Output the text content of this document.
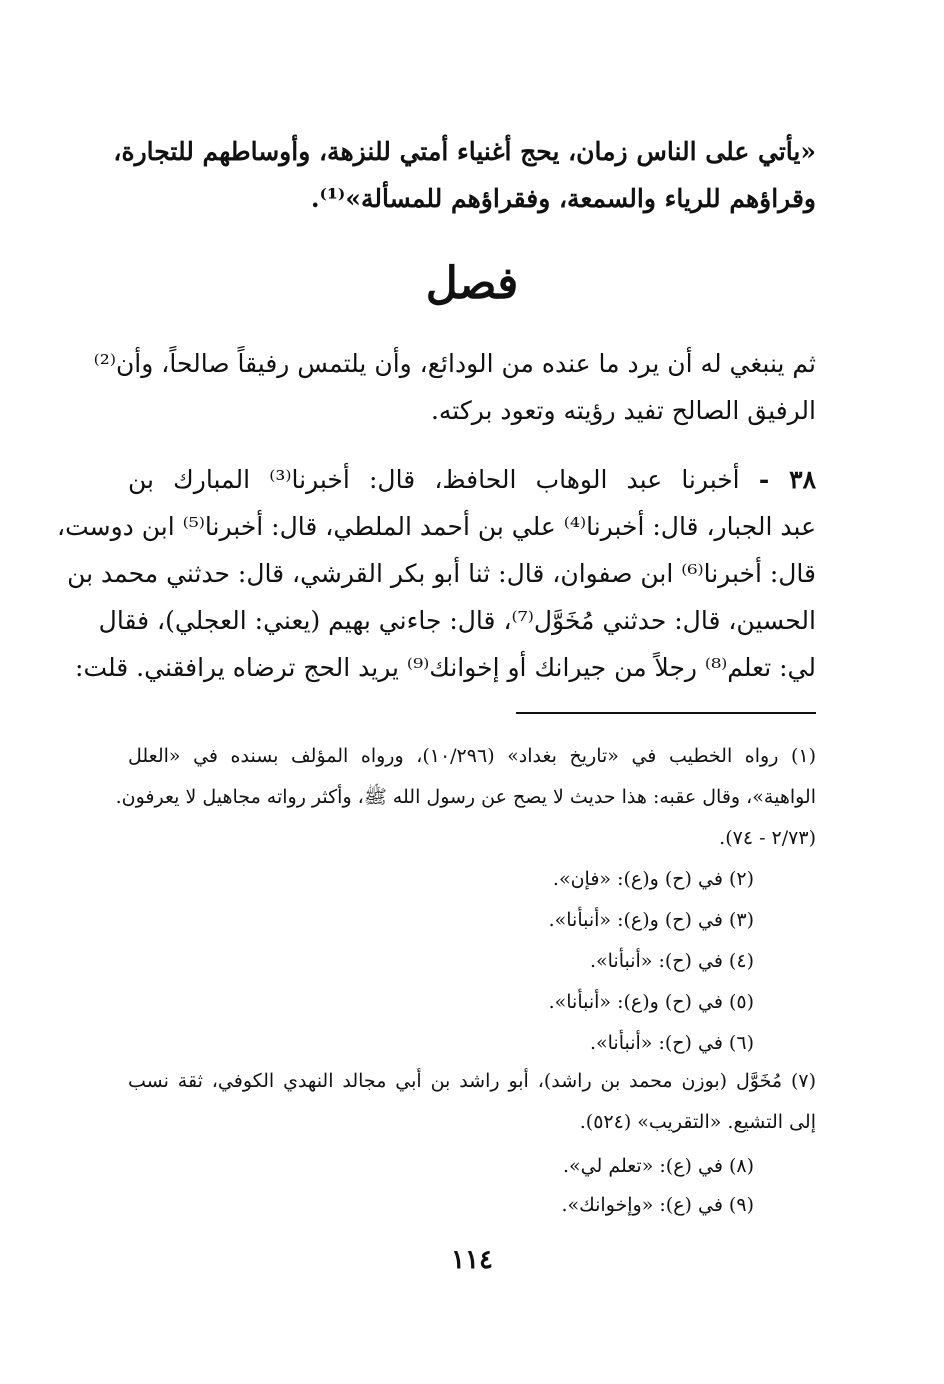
«يأتي على الناس زمان، يحج أغنياء أمتي للنزهة، وأوساطهم للتجارة،
وقراؤهم للرياء والسمعة، وفقراؤهم للمسألة»⁽¹⁾.
فصل
ثم ينبغي له أن يرد ما عنده من الودائع، وأن يلتمس رفيقاً صالحاً، وأن⁽²⁾
الرفيق الصالح تفيد رؤيته وتعود بركته.
٣٨ - أخبرنا عبد الوهاب الحافظ، قال: أخبرنا⁽³⁾ المبارك بن
عبد الجبار، قال: أخبرنا⁽⁴⁾ علي بن أحمد الملطي، قال: أخبرنا⁽⁵⁾ ابن دوست،
قال: أخبرنا⁽⁶⁾ ابن صفوان، قال: ثنا أبو بكر القرشي، قال: حدثني محمد بن
الحسين، قال: حدثني مُخَوَّل⁽⁷⁾، قال: جاءني بهيم (يعني: العجلي)، فقال
لي: تعلم⁽⁸⁾ رجلاً من جيرانك أو إخوانك⁽⁹⁾ يريد الحج ترضاه يرافقني. قلت:
(١) رواه الخطيب في «تاريخ بغداد» (١٠/٢٩٦)، ورواه المؤلف بسنده في «العلل
الواهية»، وقال عقبه: هذا حديث لا يصح عن رسول الله ﷺ، وأكثر رواته مجاهيل لا يعرفون.
(٢/٧٣ - ٧٤).
(٢) في (ح) و(ع): «فإن».
(٣) في (ح) و(ع): «أنبأنا».
(٤) في (ح): «أنبأنا».
(٥) في (ح) و(ع): «أنبأنا».
(٦) في (ح): «أنبأنا».
(٧) مُخَوَّل (بوزن محمد بن راشد)، أبو راشد بن أبي مجالد النهدي الكوفي، ثقة نسب
إلى التشيع. «التقريب» (٥٢٤).
(٨) في (ع): «تعلم لي».
(٩) في (ع): «وإخوانك».
١١٤
